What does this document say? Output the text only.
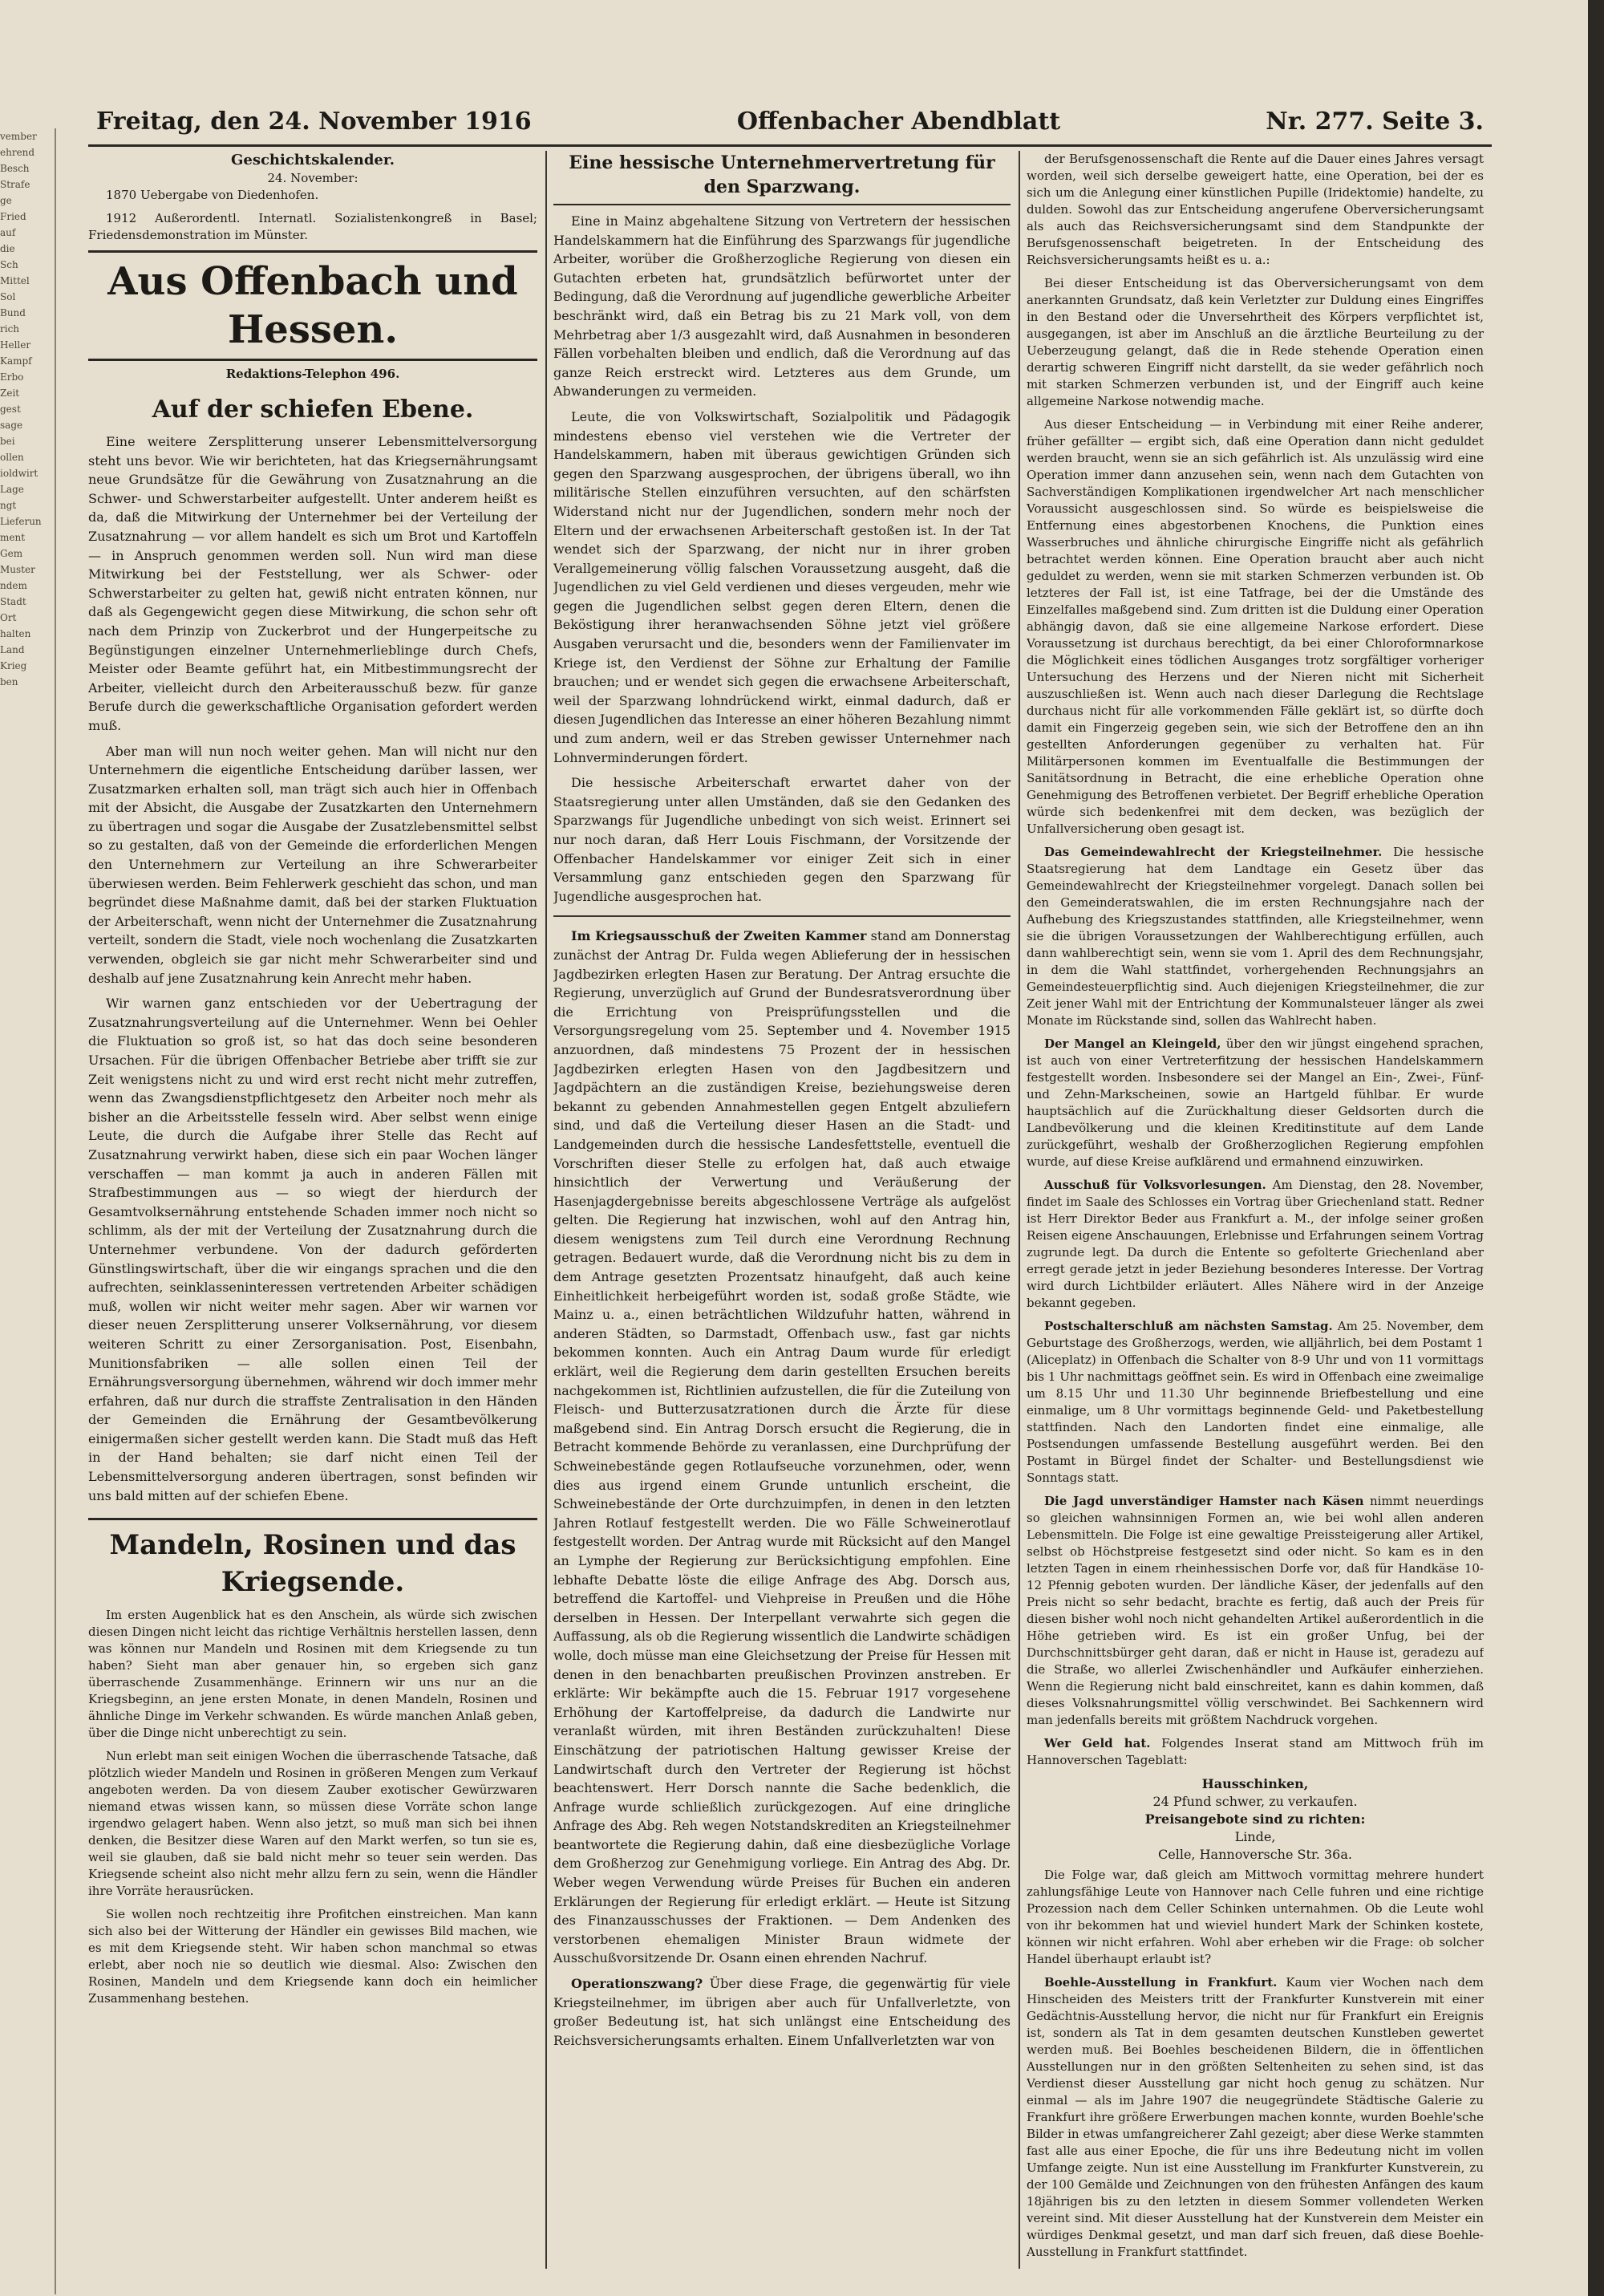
vember
ehrend
Besch
Strafe
ge
Fried
auf
die
Sch
Mittel
Sol
Bund
rich
Heller
Kampf
Erbo
Zeit
gest
sage
bei
ollen
ioldwirt
Lage
ngt
Lieferun
ment
Gem
Muster
ndem
Stadt
Ort
halten
Land
Krieg
ben
Freitag, den 24. November 1916	Offenbacher Abendblatt	Nr. 277. Seite 3.
Geschichtskalender.
24. November:

1870 Uebergabe von Diedenhofen.

1912 Außerordentl. Internatl. Sozialistenkongreß in Basel; Friedensdemonstration im Münster.

Aus Offenbach und Hessen.
Redaktions-Telephon 496.
Auf der schiefen Ebene.

Eine weitere Zersplitterung unserer Lebensmittelversorgung steht uns bevor. Wie wir berichteten, hat das Kriegsernährungsamt neue Grundsätze für die Gewährung von Zusatznahrung an die Schwer- und Schwerstarbeiter aufgestellt. Unter anderem heißt es da, daß die Mitwirkung der Unternehmer bei der Verteilung der Zusatznahrung — vor allem handelt es sich um Brot und Kartoffeln — in Anspruch genommen werden soll. Nun wird man diese Mitwirkung bei der Feststellung, wer als Schwer- oder Schwerstarbeiter zu gelten hat, gewiß nicht entraten können, nur daß als Gegengewicht gegen diese Mitwirkung, die schon sehr oft nach dem Prinzip von Zuckerbrot und der Hungerpeitsche zu Begünstigungen einzelner Unternehmerlieblinge durch Chefs, Meister oder Beamte geführt hat, ein Mitbestimmungsrecht der Arbeiter, vielleicht durch den Arbeiterausschuß bezw. für ganze Berufe durch die gewerkschaftliche Organisation gefordert werden muß.

Aber man will nun noch weiter gehen. Man will nicht nur den Unternehmern die eigentliche Entscheidung darüber lassen, wer Zusatzmarken erhalten soll, man trägt sich auch hier in Offenbach mit der Absicht, die Ausgabe der Zusatzkarten den Unternehmern zu übertragen und sogar die Ausgabe der Zusatzlebensmittel selbst so zu gestalten, daß von der Gemeinde die erforderlichen Mengen den Unternehmern zur Verteilung an ihre Schwerarbeiter überwiesen werden. Beim Fehlerwerk geschieht das schon, und man begründet diese Maßnahme damit, daß bei der starken Fluktuation der Arbeiterschaft, wenn nicht der Unternehmer die Zusatznahrung verteilt, sondern die Stadt, viele noch wochenlang die Zusatzkarten verwenden, obgleich sie gar nicht mehr Schwerarbeiter sind und deshalb auf jene Zusatznahrung kein Anrecht mehr haben.

Wir warnen ganz entschieden vor der Uebertragung der Zusatznahrungsverteilung auf die Unternehmer. Wenn bei Oehler die Fluktuation so groß ist, so hat das doch seine besonderen Ursachen. Für die übrigen Offenbacher Betriebe aber trifft sie zur Zeit wenigstens nicht zu und wird erst recht nicht mehr zutreffen, wenn das Zwangsdienstpflichtgesetz den Arbeiter noch mehr als bisher an die Arbeitsstelle fesseln wird. Aber selbst wenn einige Leute, die durch die Aufgabe ihrer Stelle das Recht auf Zusatznahrung verwirkt haben, diese sich ein paar Wochen länger verschaffen — man kommt ja auch in anderen Fällen mit Strafbestimmungen aus — so wiegt der hierdurch der Gesamtvolksernährung entstehende Schaden immer noch nicht so schlimm, als der mit der Verteilung der Zusatznahrung durch die Unternehmer verbundene. Von der dadurch geförderten Günstlingswirtschaft, über die wir eingangs sprachen und die den aufrechten, seinklasseninteressen vertretenden Arbeiter schädigen muß, wollen wir nicht weiter mehr sagen. Aber wir warnen vor dieser neuen Zersplitterung unserer Volksernährung, vor diesem weiteren Schritt zu einer Zersorganisation. Post, Eisenbahn, Munitionsfabriken — alle sollen einen Teil der Ernährungsversorgung übernehmen, während wir doch immer mehr erfahren, daß nur durch die straffste Zentralisation in den Händen der Gemeinden die Ernährung der Gesamtbevölkerung einigermaßen sicher gestellt werden kann. Die Stadt muß das Heft in der Hand behalten; sie darf nicht einen Teil der Lebensmittelversorgung anderen übertragen, sonst befinden wir uns bald mitten auf der schiefen Ebene.

Mandeln, Rosinen und das Kriegsende.

Im ersten Augenblick hat es den Anschein, als würde sich zwischen diesen Dingen nicht leicht das richtige Verhältnis herstellen lassen, denn was können nur Mandeln und Rosinen mit dem Kriegsende zu tun haben? Sieht man aber genauer hin, so ergeben sich ganz überraschende Zusammenhänge. Erinnern wir uns nur an die Kriegsbeginn, an jene ersten Monate, in denen Mandeln, Rosinen und ähnliche Dinge im Verkehr schwanden. Es würde manchen Anlaß geben, über die Dinge nicht unberechtigt zu sein.

Nun erlebt man seit einigen Wochen die überraschende Tatsache, daß plötzlich wieder Mandeln und Rosinen in größeren Mengen zum Verkauf angeboten werden. Da von diesem Zauber exotischer Gewürzwaren niemand etwas wissen kann, so müssen diese Vorräte schon lange irgendwo gelagert haben. Wenn also jetzt, so muß man sich bei ihnen denken, die Besitzer diese Waren auf den Markt werfen, so tun sie es, weil sie glauben, daß sie bald nicht mehr so teuer sein werden. Das Kriegsende scheint also nicht mehr allzu fern zu sein, wenn die Händler ihre Vorräte herausrücken.

Sie wollen noch rechtzeitig ihre Profitchen einstreichen. Man kann sich also bei der Witterung der Händler ein gewisses Bild machen, wie es mit dem Kriegsende steht. Wir haben schon manchmal so etwas erlebt, aber noch nie so deutlich wie diesmal. Also: Zwischen den Rosinen, Mandeln und dem Kriegsende kann doch ein heimlicher Zusammenhang bestehen.

Eine hessische Unternehmervertretung für den Sparzwang.

Eine in Mainz abgehaltene Sitzung von Vertretern der hessischen Handelskammern hat die Einführung des Sparzwangs für jugendliche Arbeiter, worüber die Großherzogliche Regierung von diesen ein Gutachten erbeten hat, grundsätzlich befürwortet unter der Bedingung, daß die Verordnung auf jugendliche gewerbliche Arbeiter beschränkt wird, daß ein Betrag bis zu 21 Mark voll, von dem Mehrbetrag aber 1/3 ausgezahlt wird, daß Ausnahmen in besonderen Fällen vorbehalten bleiben und endlich, daß die Verordnung auf das ganze Reich erstreckt wird. Letzteres aus dem Grunde, um Abwanderungen zu vermeiden.

Leute, die von Volkswirtschaft, Sozialpolitik und Pädagogik mindestens ebenso viel verstehen wie die Vertreter der Handelskammern, haben mit überaus gewichtigen Gründen sich gegen den Sparzwang ausgesprochen, der übrigens überall, wo ihn militärische Stellen einzuführen versuchten, auf den schärfsten Widerstand nicht nur der Jugendlichen, sondern mehr noch der Eltern und der erwachsenen Arbeiterschaft gestoßen ist. In der Tat wendet sich der Sparzwang, der nicht nur in ihrer groben Verallgemeinerung völlig falschen Voraussetzung ausgeht, daß die Jugendlichen zu viel Geld verdienen und dieses vergeuden, mehr wie gegen die Jugendlichen selbst gegen deren Eltern, denen die Beköstigung ihrer heranwachsenden Söhne jetzt viel größere Ausgaben verursacht und die, besonders wenn der Familienvater im Kriege ist, den Verdienst der Söhne zur Erhaltung der Familie brauchen; und er wendet sich gegen die erwachsene Arbeiterschaft, weil der Sparzwang lohndrückend wirkt, einmal dadurch, daß er diesen Jugendlichen das Interesse an einer höheren Bezahlung nimmt und zum andern, weil er das Streben gewisser Unternehmer nach Lohnverminderungen fördert.

Die hessische Arbeiterschaft erwartet daher von der Staatsregierung unter allen Umständen, daß sie den Gedanken des Sparzwangs für Jugendliche unbedingt von sich weist. Erinnert sei nur noch daran, daß Herr Louis Fischmann, der Vorsitzende der Offenbacher Handelskammer vor einiger Zeit sich in einer Versammlung ganz entschieden gegen den Sparzwang für Jugendliche ausgesprochen hat.

Im Kriegsausschuß der Zweiten Kammer stand am Donnerstag zunächst der Antrag Dr. Fulda wegen Ablieferung der in hessischen Jagdbezirken erlegten Hasen zur Beratung. Der Antrag ersuchte die Regierung, unverzüglich auf Grund der Bundesratsverordnung über die Errichtung von Preisprüfungsstellen und die Versorgungsregelung vom 25. September und 4. November 1915 anzuordnen, daß mindestens 75 Prozent der in hessischen Jagdbezirken erlegten Hasen von den Jagdbesitzern und Jagdpächtern an die zuständigen Kreise, beziehungsweise deren bekannt zu gebenden Annahmestellen gegen Entgelt abzuliefern sind, und daß die Verteilung dieser Hasen an die Stadt- und Landgemeinden durch die hessische Landesfettstelle, eventuell die Vorschriften dieser Stelle zu erfolgen hat, daß auch etwaige hinsichtlich der Verwertung und Veräußerung der Hasenjagdergebnisse bereits abgeschlossene Verträge als aufgelöst gelten. Die Regierung hat inzwischen, wohl auf den Antrag hin, diesem wenigstens zum Teil durch eine Verordnung Rechnung getragen. Bedauert wurde, daß die Verordnung nicht bis zu dem in dem Antrage gesetzten Prozentsatz hinaufgeht, daß auch keine Einheitlichkeit herbeigeführt worden ist, sodaß große Städte, wie Mainz u. a., einen beträchtlichen Wildzufuhr hatten, während in anderen Städten, so Darmstadt, Offenbach usw., fast gar nichts bekommen konnten. Auch ein Antrag Daum wurde für erledigt erklärt, weil die Regierung dem darin gestellten Ersuchen bereits nachgekommen ist, Richtlinien aufzustellen, die für die Zuteilung von Fleisch- und Butterzusatzrationen durch die Ärzte für diese maßgebend sind. Ein Antrag Dorsch ersucht die Regierung, die in Betracht kommende Behörde zu veranlassen, eine Durchprüfung der Schweinebestände gegen Rotlaufseuche vorzunehmen, oder, wenn dies aus irgend einem Grunde untunlich erscheint, die Schweinebestände der Orte durchzuimpfen, in denen in den letzten Jahren Rotlauf festgestellt werden. Die wo Fälle Schweinerotlauf festgestellt worden. Der Antrag wurde mit Rücksicht auf den Mangel an Lymphe der Regierung zur Berücksichtigung empfohlen. Eine lebhafte Debatte löste die eilige Anfrage des Abg. Dorsch aus, betreffend die Kartoffel- und Viehpreise in Preußen und die Höhe derselben in Hessen. Der Interpellant verwahrte sich gegen die Auffassung, als ob die Regierung wissentlich die Landwirte schädigen wolle, doch müsse man eine Gleichsetzung der Preise für Hessen mit denen in den benachbarten preußischen Provinzen anstreben. Er erklärte: Wir bekämpfte auch die 15. Februar 1917 vorgesehene Erhöhung der Kartoffelpreise, da dadurch die Landwirte nur veranlaßt würden, mit ihren Beständen zurückzuhalten! Diese Einschätzung der patriotischen Haltung gewisser Kreise der Landwirtschaft durch den Vertreter der Regierung ist höchst beachtenswert. Herr Dorsch nannte die Sache bedenklich, die Anfrage wurde schließlich zurückgezogen. Auf eine dringliche Anfrage des Abg. Reh wegen Notstandskrediten an Kriegsteilnehmer beantwortete die Regierung dahin, daß eine diesbezügliche Vorlage dem Großherzog zur Genehmigung vorliege. Ein Antrag des Abg. Dr. Weber wegen Verwendung würde Preises für Buchen ein anderen Erklärungen der Regierung für erledigt erklärt. — Heute ist Sitzung des Finanzausschusses der Fraktionen. — Dem Andenken des verstorbenen ehemaligen Minister Braun widmete der Ausschußvorsitzende Dr. Osann einen ehrenden Nachruf.

Operationszwang? Über diese Frage, die gegenwärtig für viele Kriegsteilnehmer, im übrigen aber auch für Unfallverletzte, von großer Bedeutung ist, hat sich unlängst eine Entscheidung des Reichsversicherungsamts erhalten. Einem Unfallverletzten war von

der Berufsgenossenschaft die Rente auf die Dauer eines Jahres versagt worden, weil sich derselbe geweigert hatte, eine Operation, bei der es sich um die Anlegung einer künstlichen Pupille (Iridektomie) handelte, zu dulden. Sowohl das zur Entscheidung angerufene Oberversicherungsamt als auch das Reichsversicherungsamt sind dem Standpunkte der Berufsgenossenschaft beigetreten. In der Entscheidung des Reichsversicherungsamts heißt es u. a.:

Bei dieser Entscheidung ist das Oberversicherungsamt von dem anerkannten Grundsatz, daß kein Verletzter zur Duldung eines Eingriffes in den Bestand oder die Unversehrtheit des Körpers verpflichtet ist, ausgegangen, ist aber im Anschluß an die ärztliche Beurteilung zu der Ueberzeugung gelangt, daß die in Rede stehende Operation einen derartig schweren Eingriff nicht darstellt, da sie weder gefährlich noch mit starken Schmerzen verbunden ist, und der Eingriff auch keine allgemeine Narkose notwendig mache.

Aus dieser Entscheidung — in Verbindung mit einer Reihe anderer, früher gefällter — ergibt sich, daß eine Operation dann nicht geduldet werden braucht, wenn sie an sich gefährlich ist. Als unzulässig wird eine Operation immer dann anzusehen sein, wenn nach dem Gutachten von Sachverständigen Komplikationen irgendwelcher Art nach menschlicher Voraussicht ausgeschlossen sind. So würde es beispielsweise die Entfernung eines abgestorbenen Knochens, die Punktion eines Wasserbruches und ähnliche chirurgische Eingriffe nicht als gefährlich betrachtet werden können. Eine Operation braucht aber auch nicht geduldet zu werden, wenn sie mit starken Schmerzen verbunden ist. Ob letzteres der Fall ist, ist eine Tatfrage, bei der die Umstände des Einzelfalles maßgebend sind. Zum dritten ist die Duldung einer Operation abhängig davon, daß sie eine allgemeine Narkose erfordert. Diese Voraussetzung ist durchaus berechtigt, da bei einer Chloroformnarkose die Möglichkeit eines tödlichen Ausganges trotz sorgfältiger vorheriger Untersuchung des Herzens und der Nieren nicht mit Sicherheit auszuschließen ist. Wenn auch nach dieser Darlegung die Rechtslage durchaus nicht für alle vorkommenden Fälle geklärt ist, so dürfte doch damit ein Fingerzeig gegeben sein, wie sich der Betroffene den an ihn gestellten Anforderungen gegenüber zu verhalten hat. Für Militärpersonen kommen im Eventualfalle die Bestimmungen der Sanitätsordnung in Betracht, die eine erhebliche Operation ohne Genehmigung des Betroffenen verbietet. Der Begriff erhebliche Operation würde sich bedenkenfrei mit dem decken, was bezüglich der Unfallversicherung oben gesagt ist.

Das Gemeindewahlrecht der Kriegsteilnehmer. Die hessische Staatsregierung hat dem Landtage ein Gesetz über das Gemeindewahlrecht der Kriegsteilnehmer vorgelegt. Danach sollen bei den Gemeinderatswahlen, die im ersten Rechnungsjahre nach der Aufhebung des Kriegszustandes stattfinden, alle Kriegsteilnehmer, wenn sie die übrigen Voraussetzungen der Wahlberechtigung erfüllen, auch dann wahlberechtigt sein, wenn sie vom 1. April des dem Rechnungsjahr, in dem die Wahl stattfindet, vorhergehenden Rechnungsjahrs an Gemeindesteuerpflichtig sind. Auch diejenigen Kriegsteilnehmer, die zur Zeit jener Wahl mit der Entrichtung der Kommunalsteuer länger als zwei Monate im Rückstande sind, sollen das Wahlrecht haben.

Der Mangel an Kleingeld, über den wir jüngst eingehend sprachen, ist auch von einer Vertreterfitzung der hessischen Handelskammern festgestellt worden. Insbesondere sei der Mangel an Ein-, Zwei-, Fünf- und Zehn-Markscheinen, sowie an Hartgeld fühlbar. Er wurde hauptsächlich auf die Zurückhaltung dieser Geldsorten durch die Landbevölkerung und die kleinen Kreditinstitute auf dem Lande zurückgeführt, weshalb der Großherzoglichen Regierung empfohlen wurde, auf diese Kreise aufklärend und ermahnend einzuwirken.

Ausschuß für Volksvorlesungen. Am Dienstag, den 28. November, findet im Saale des Schlosses ein Vortrag über Griechenland statt. Redner ist Herr Direktor Beder aus Frankfurt a. M., der infolge seiner großen Reisen eigene Anschauungen, Erlebnisse und Erfahrungen seinem Vortrag zugrunde legt. Da durch die Entente so gefolterte Griechenland aber erregt gerade jetzt in jeder Beziehung besonderes Interesse. Der Vortrag wird durch Lichtbilder erläutert. Alles Nähere wird in der Anzeige bekannt gegeben.

Postschalterschluß am nächsten Samstag. Am 25. November, dem Geburtstage des Großherzogs, werden, wie alljährlich, bei dem Postamt 1 (Aliceplatz) in Offenbach die Schalter von 8-9 Uhr und von 11 vormittags bis 1 Uhr nachmittags geöffnet sein. Es wird in Offenbach eine zweimalige um 8.15 Uhr und 11.30 Uhr beginnende Briefbestellung und eine einmalige, um 8 Uhr vormittags beginnende Geld- und Paketbestellung stattfinden. Nach den Landorten findet eine einmalige, alle Postsendungen umfassende Bestellung ausgeführt werden. Bei den Postamt in Bürgel findet der Schalter- und Bestellungsdienst wie Sonntags statt.

Die Jagd unverständiger Hamster nach Käsen nimmt neuerdings so gleichen wahnsinnigen Formen an, wie bei wohl allen anderen Lebensmitteln. Die Folge ist eine gewaltige Preissteigerung aller Artikel, selbst ob Höchstpreise festgesetzt sind oder nicht. So kam es in den letzten Tagen in einem rheinhessischen Dorfe vor, daß für Handkäse 10-12 Pfennig geboten wurden. Der ländliche Käser, der jedenfalls auf den Preis nicht so sehr bedacht, brachte es fertig, daß auch der Preis für diesen bisher wohl noch nicht gehandelten Artikel außerordentlich in die Höhe getrieben wird. Es ist ein großer Unfug, bei der Durchschnittsbürger geht daran, daß er nicht in Hause ist, geradezu auf die Straße, wo allerlei Zwischenhändler und Aufkäufer einherziehen. Wenn die Regierung nicht bald einschreitet, kann es dahin kommen, daß dieses Volksnahrungsmittel völlig verschwindet. Bei Sachkennern wird man jedenfalls bereits mit größtem Nachdruck vorgehen.

Wer Geld hat. Folgendes Inserat stand am Mittwoch früh im Hannoverschen Tageblatt:

Hausschinken,
24 Pfund schwer, zu verkaufen.
Preisangebote sind zu richten:
Linde,
Celle, Hannoversche Str. 36a.

Die Folge war, daß gleich am Mittwoch vormittag mehrere hundert zahlungsfähige Leute von Hannover nach Celle fuhren und eine richtige Prozession nach dem Celler Schinken unternahmen. Ob die Leute wohl von ihr bekommen hat und wieviel hundert Mark der Schinken kostete, können wir nicht erfahren. Wohl aber erheben wir die Frage: ob solcher Handel überhaupt erlaubt ist?

Boehle-Ausstellung in Frankfurt. Kaum vier Wochen nach dem Hinscheiden des Meisters tritt der Frankfurter Kunstverein mit einer Gedächtnis-Ausstellung hervor, die nicht nur für Frankfurt ein Ereignis ist, sondern als Tat in dem gesamten deutschen Kunstleben gewertet werden muß. Bei Boehles bescheidenen Bildern, die in öffentlichen Ausstellungen nur in den größten Seltenheiten zu sehen sind, ist das Verdienst dieser Ausstellung gar nicht hoch genug zu schätzen. Nur einmal — als im Jahre 1907 die neugegründete Städtische Galerie zu Frankfurt ihre größere Erwerbungen machen konnte, wurden Boehle'sche Bilder in etwas umfangreicherer Zahl gezeigt; aber diese Werke stammten fast alle aus einer Epoche, die für uns ihre Bedeutung nicht im vollen Umfange zeigte. Nun ist eine Ausstellung im Frankfurter Kunstverein, zu der 100 Gemälde und Zeichnungen von den frühesten Anfängen des kaum 18jährigen bis zu den letzten in diesem Sommer vollendeten Werken vereint sind. Mit dieser Ausstellung hat der Kunstverein dem Meister ein würdiges Denkmal gesetzt, und man darf sich freuen, daß diese Boehle-Ausstellung in Frankfurt stattfindet.
